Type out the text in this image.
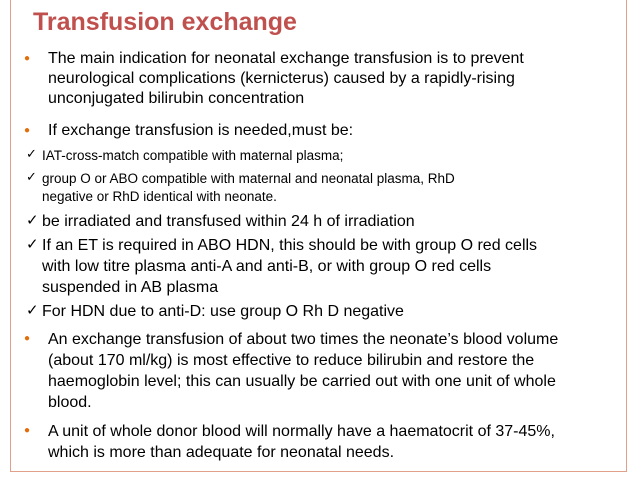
Transfusion exchange
●	The main indication for neonatal exchange transfusion is to prevent
neurological complications (kernicterus) caused by a rapidly-rising
unconjugated bilirubin concentration
●	If exchange transfusion is needed,must be:
✓ IAT-cross-match compatible with maternal plasma;
✓ group O or ABO compatible with maternal and neonatal plasma, RhD
negative or RhD identical with neonate.
✓ be irradiated and transfused within 24 h of irradiation
✓ If an ET is required in ABO HDN, this should be with group O red cells
with low titre plasma anti-A and anti-B, or with group O red cells
suspended in AB plasma
✓ For HDN due to anti-D: use group O Rh D negative
●	An exchange transfusion of about two times the neonate’s blood volume
(about 170 ml/kg) is most effective to reduce bilirubin and restore the
haemoglobin level; this can usually be carried out with one unit of whole
blood.
●	A unit of whole donor blood will normally have a haematocrit of 37-45%,
which is more than adequate for neonatal needs.
